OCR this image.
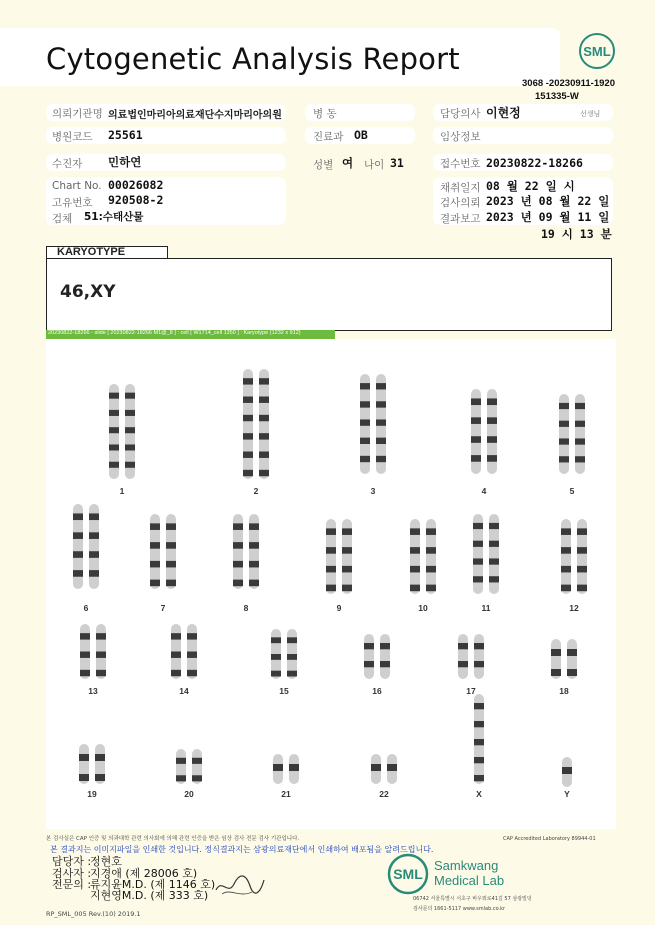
Cytogenetic Analysis Report	SML
3068 -20230911-1920
151335-W
의뢰기관명 의료법인마리아의료재단수지마리아의원	병 동	담당의사 이현정	선생님
병원코드 25561	진료과 OB	임상정보
수진자 민하연	성별 여 나이 31	접수번호 20230822-18266
Chart No. 00026082
고유번호 920508-2
검체 51:수태산물
채취일지 08 월 22 일 시
검사의뢰 2023 년 08 월 22 일
결과보고 2023 년 09 월 11 일
19 시 13 분
KARYOTYPE
46,XY
20230822-18266 - slide [ 20230822-18266 M1@_8 ] : cell [ W1714_cell 1350 ] : Karyotype (1232 x 912)
1	2	3	4	5
6	7	8	9	10	11	12
13	14	15	16	17	18
19	20	21	22	X	Y
본 검사실은 CAP 인증 및 의과대학 관련 의사회에 의해 관련 인증을 받은 임상 검사 전문 검사 기관입니다.	CAP Accredited Laboratory 89944-01
본 결과지는 이미지파일을 인쇄한 것입니다. 정식결과지는 삼광의료재단에서 인쇄하여 배포됨을 알려드립니다.
담당자 :
정현호
검사자 :
지경애 (제 28006 호)
전문의 :
류지윤M.D. (제 1146 호)
지현영M.D. (제 333 호)
RP_SML_005 Rev.(10) 2019.1
SML
Samkwang
Medical Lab
06742 서울특별시 서초구 바우뫼로41길 57 삼광빌딩
검사문의 1661-5117 www.smlab.co.kr
